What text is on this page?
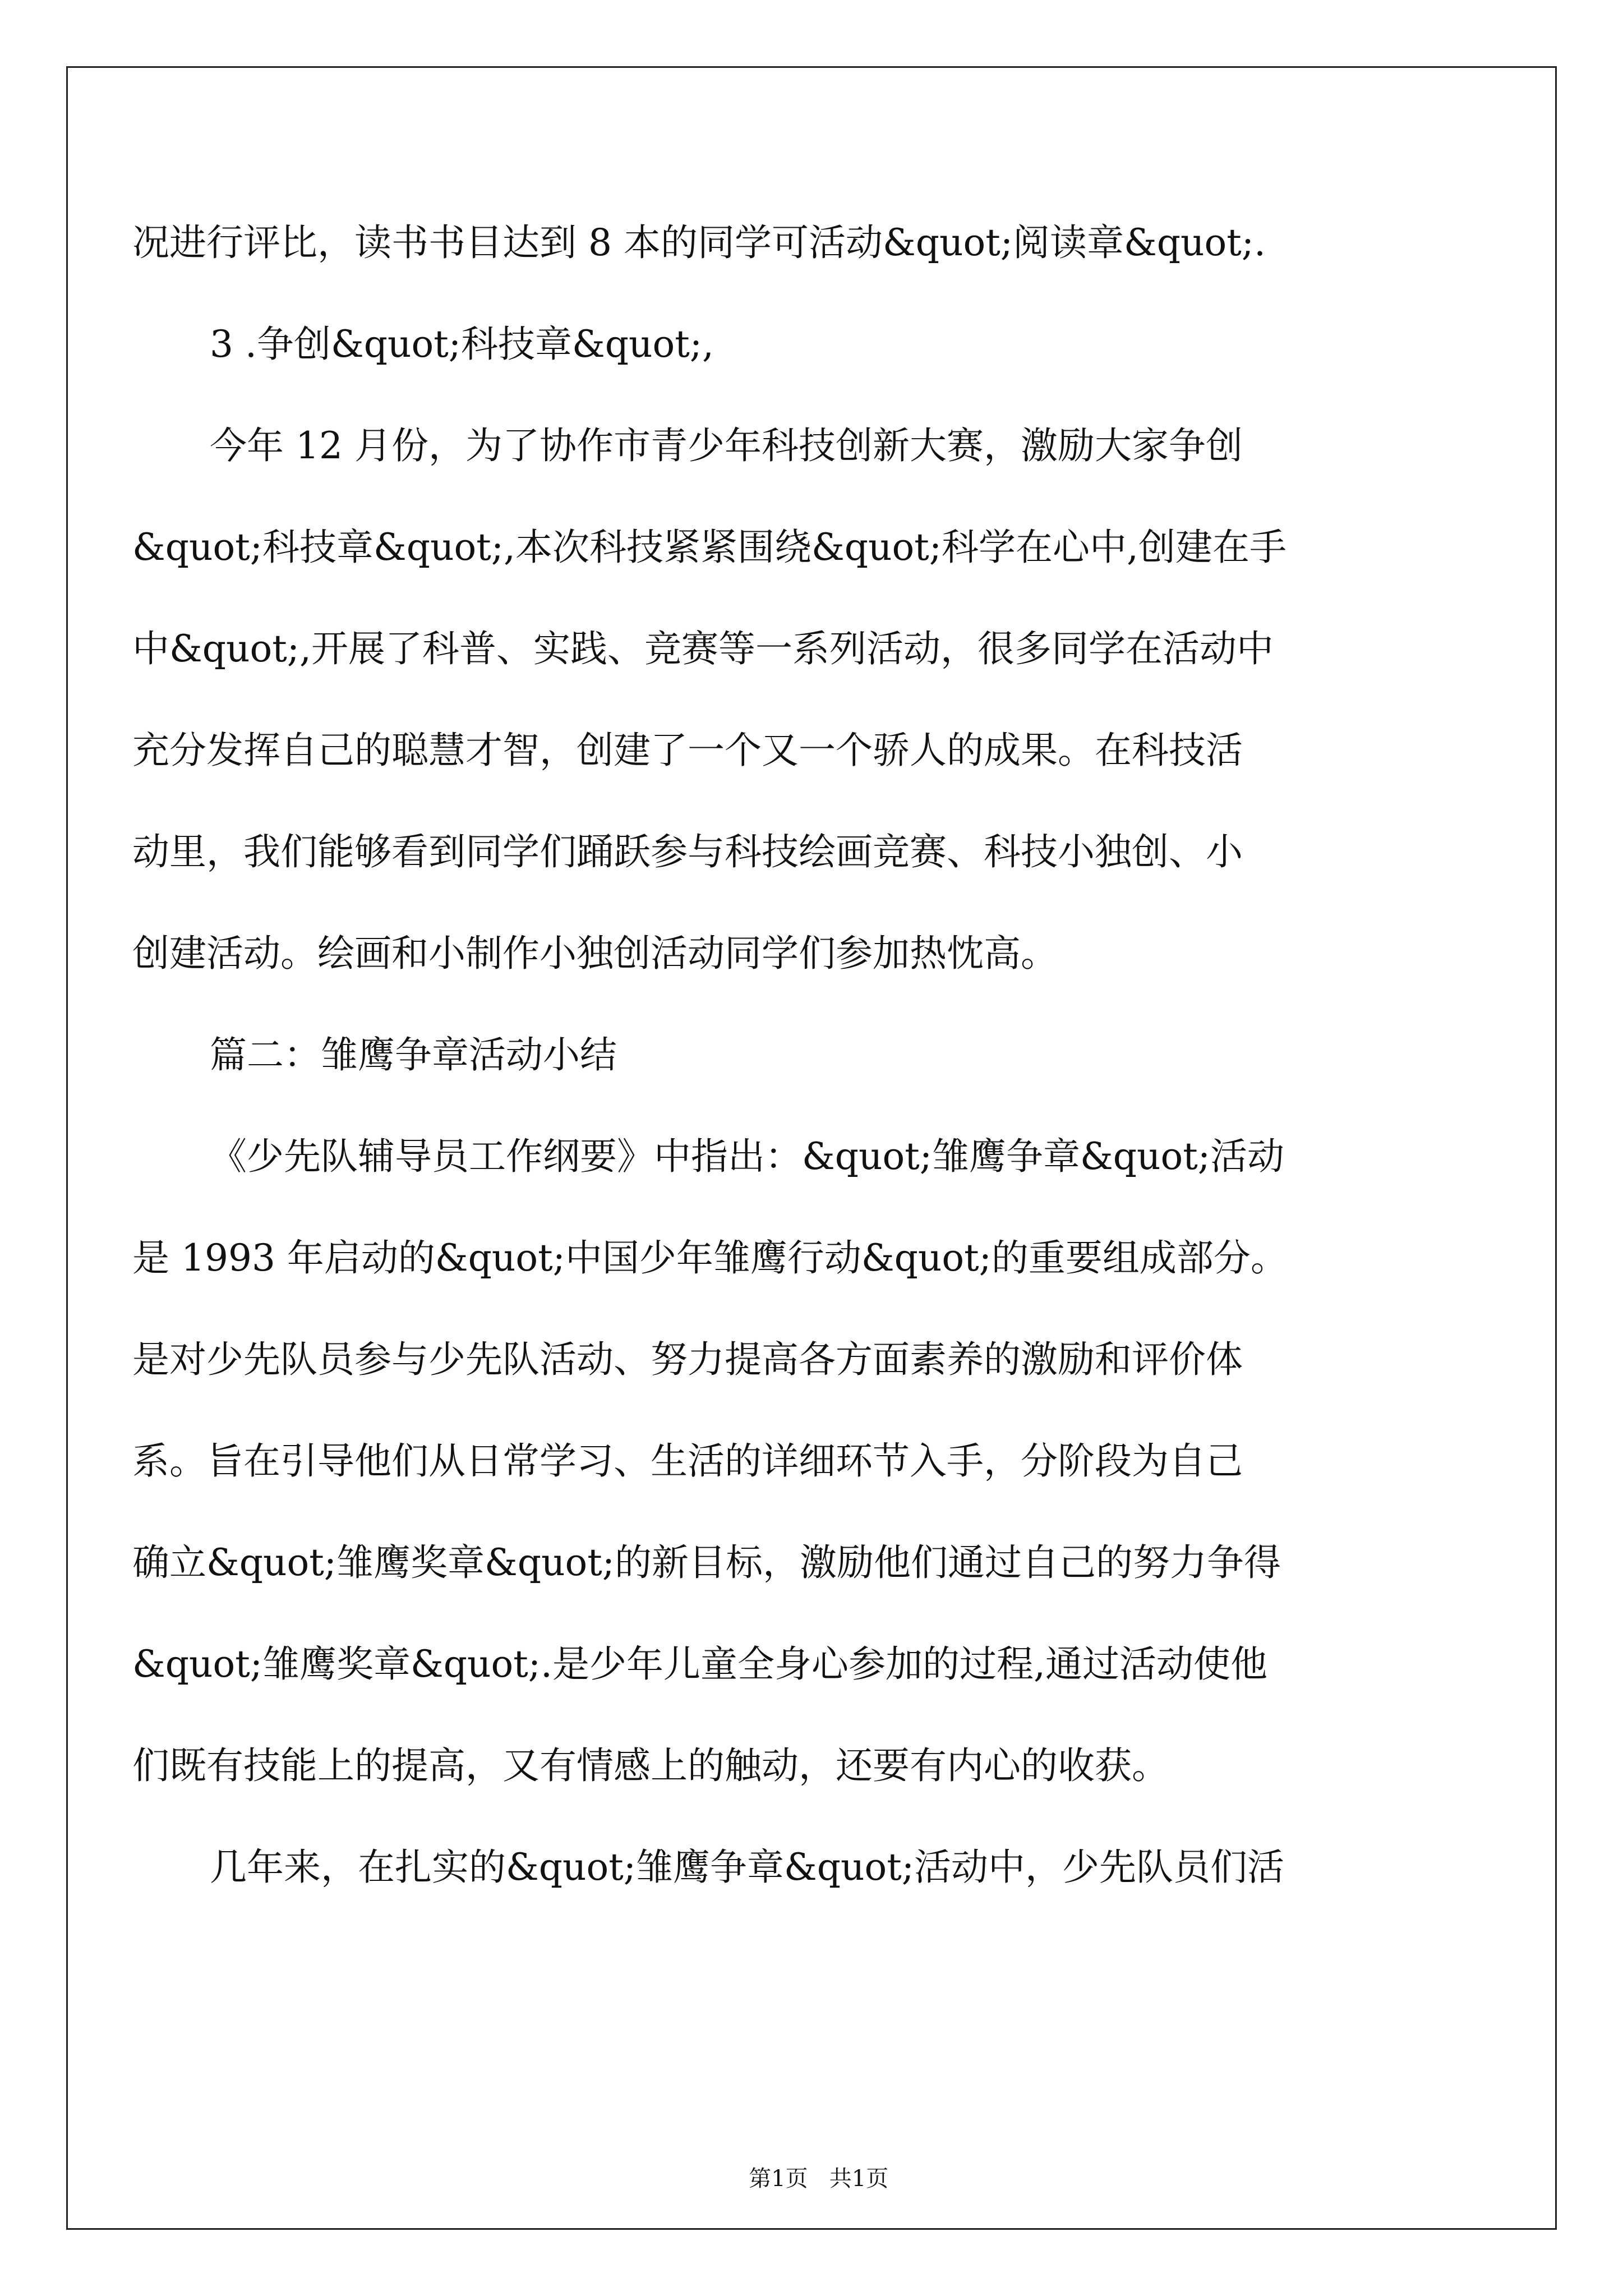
况进行评比，读书书目达到 8 本的同学可活动&quot;阅读章&quot;.
3 .争创&quot;科技章&quot;,
今年 12 月份，为了协作市青少年科技创新大赛，激励大家争创
&quot;科技章&quot;,本次科技紧紧围绕&quot;科学在心中,创建在手
中&quot;,开展了科普、实践、竞赛等一系列活动，很多同学在活动中
充分发挥自己的聪慧才智，创建了一个又一个骄人的成果。在科技活
动里，我们能够看到同学们踊跃参与科技绘画竞赛、科技小独创、小
创建活动。绘画和小制作小独创活动同学们参加热忱高。
篇二：雏鹰争章活动小结
《少先队辅导员工作纲要》中指出：&quot;雏鹰争章&quot;活动
是 1993 年启动的&quot;中国少年雏鹰行动&quot;的重要组成部分。
是对少先队员参与少先队活动、努力提高各方面素养的激励和评价体
系。旨在引导他们从日常学习、生活的详细环节入手，分阶段为自己
确立&quot;雏鹰奖章&quot;的新目标，激励他们通过自己的努力争得
&quot;雏鹰奖章&quot;.是少年儿童全身心参加的过程,通过活动使他
们既有技能上的提高，又有情感上的触动，还要有内心的收获。
几年来，在扎实的&quot;雏鹰争章&quot;活动中，少先队员们活

第1页 共1页
